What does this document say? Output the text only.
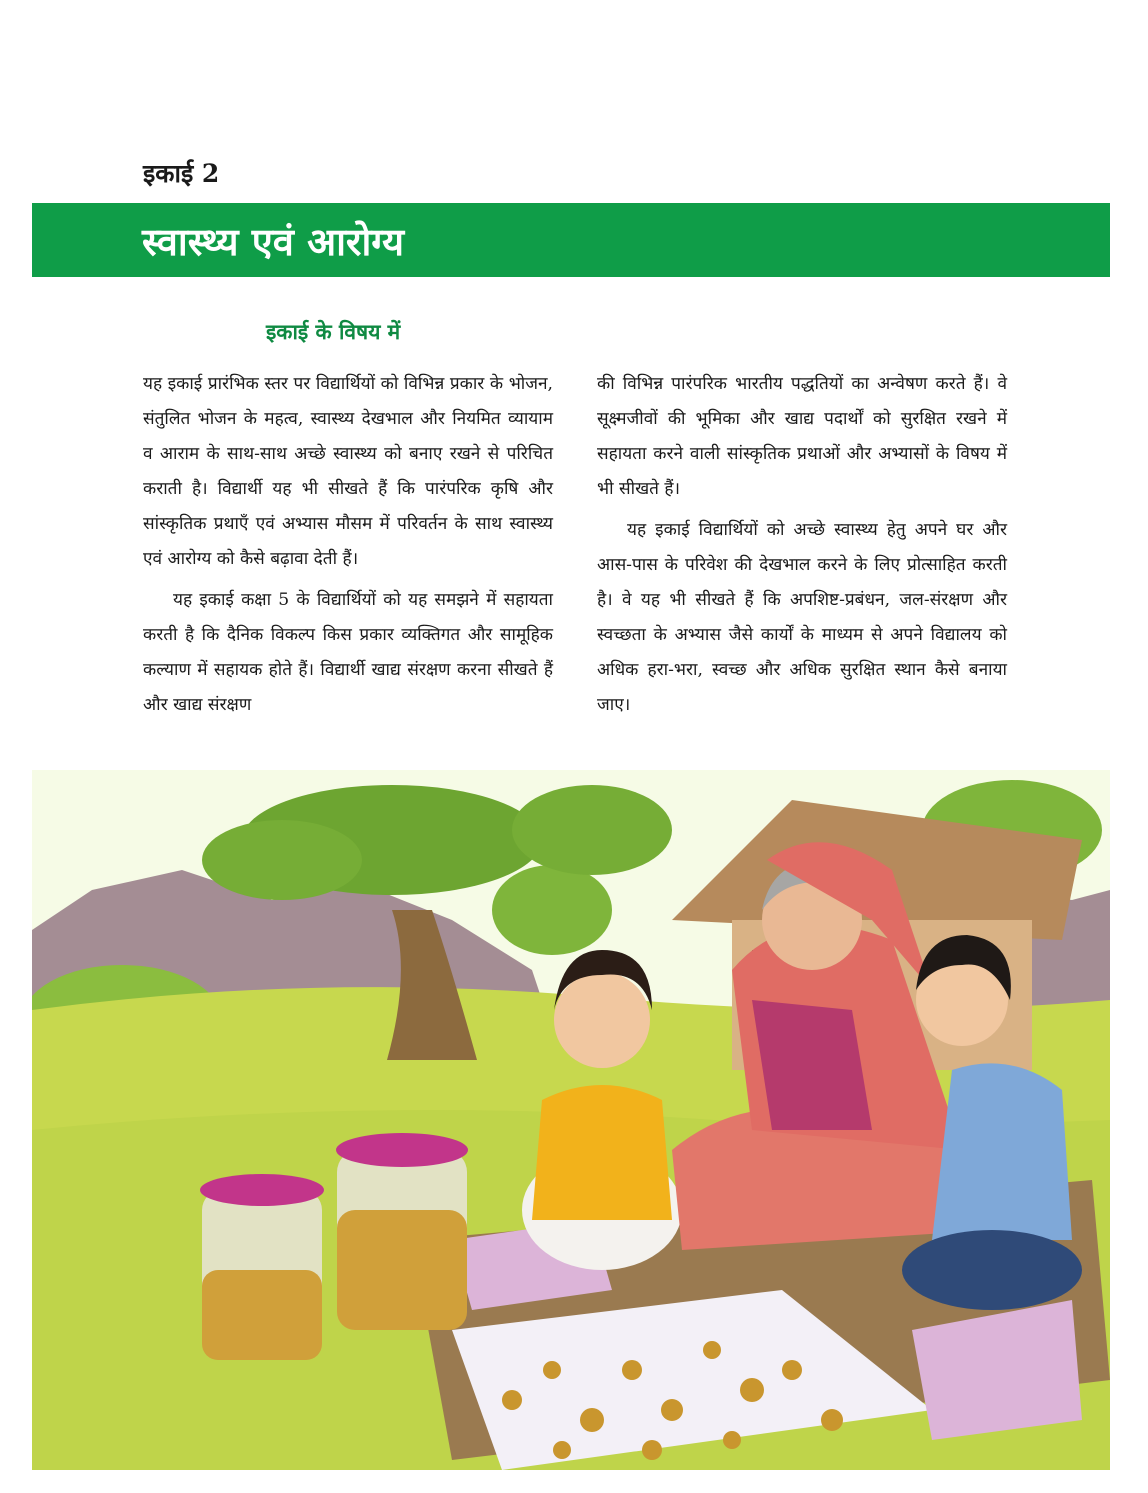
इकाई 2
स्वास्थ्य एवं आरोग्य
इकाई के विषय में

यह इकाई प्रारंभिक स्तर पर विद्यार्थियों को विभिन्न प्रकार के भोजन, संतुलित भोजन के महत्व, स्वास्थ्य देखभाल और नियमित व्यायाम व आराम के साथ-साथ अच्छे स्वास्थ्य को बनाए रखने से परिचित कराती है। विद्यार्थी यह भी सीखते हैं कि पारंपरिक कृषि और सांस्कृतिक प्रथाएँ एवं अभ्यास मौसम में परिवर्तन के साथ स्वास्थ्य एवं आरोग्य को कैसे बढ़ावा देती हैं।

यह इकाई कक्षा 5 के विद्यार्थियों को यह समझने में सहायता करती है कि दैनिक विकल्प किस प्रकार व्यक्तिगत और सामूहिक कल्याण में सहायक होते हैं। विद्यार्थी खाद्य संरक्षण करना सीखते हैं और खाद्य संरक्षण

की विभिन्न पारंपरिक भारतीय पद्धतियों का अन्वेषण करते हैं। वे सूक्ष्मजीवों की भूमिका और खाद्य पदार्थों को सुरक्षित रखने में सहायता करने वाली सांस्कृतिक प्रथाओं और अभ्यासों के विषय में भी सीखते हैं।

यह इकाई विद्यार्थियों को अच्छे स्वास्थ्य हेतु अपने घर और आस-पास के परिवेश की देखभाल करने के लिए प्रोत्साहित करती है। वे यह भी सीखते हैं कि अपशिष्ट-प्रबंधन, जल-संरक्षण और स्वच्छता के अभ्यास जैसे कार्यों के माध्यम से अपने विद्यालय को अधिक हरा-भरा, स्वच्छ और अधिक सुरक्षित स्थान कैसे बनाया जाए।
